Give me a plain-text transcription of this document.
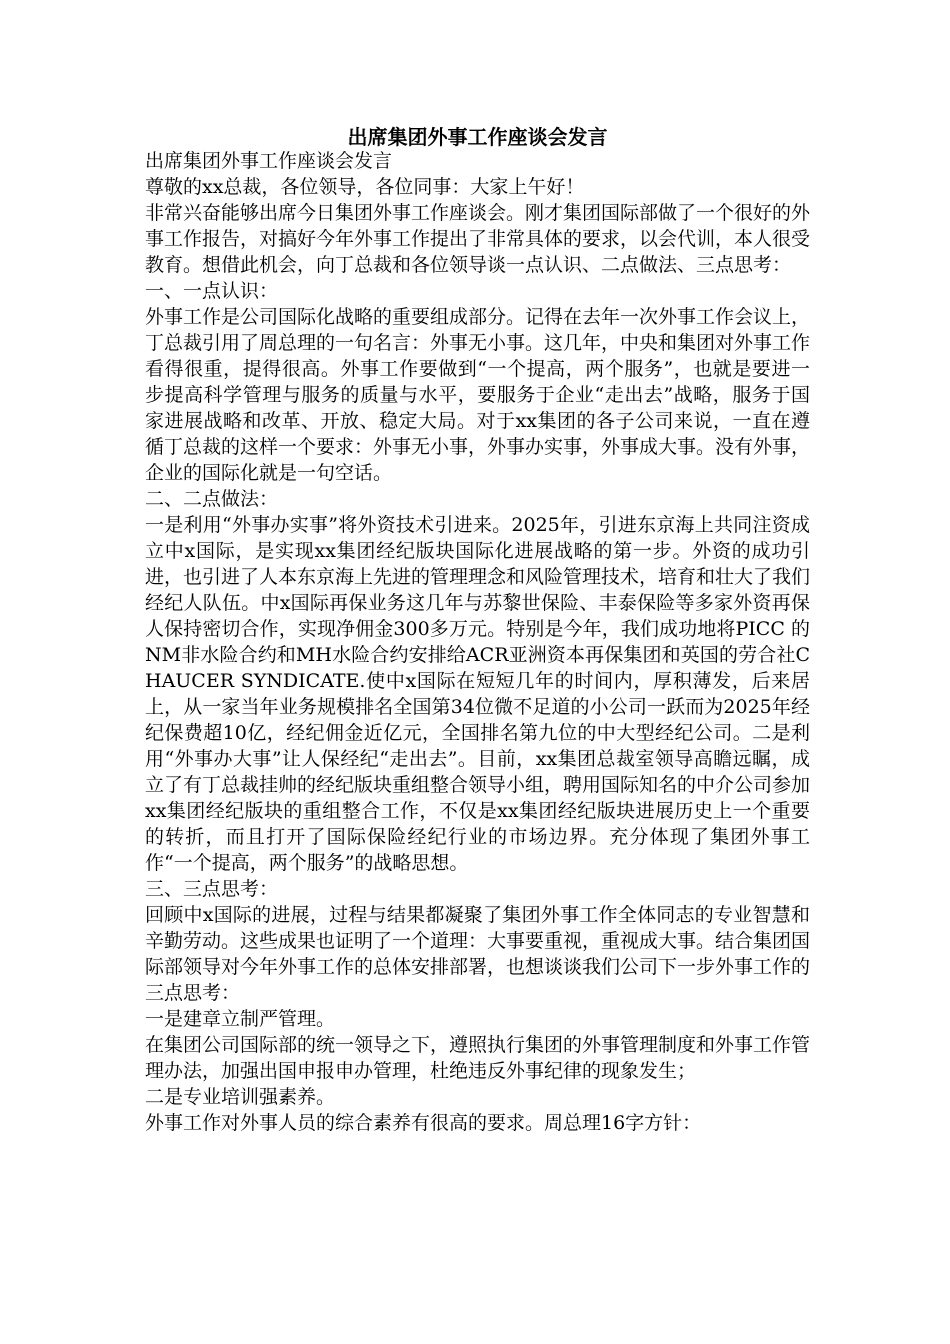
出席集团外事工作座谈会发言

出席集团外事工作座谈会发言

尊敬的xx总裁，各位领导，各位同事：大家上午好！

非常兴奋能够出席今日集团外事工作座谈会。刚才集团国际部做了一个很好的外事工作报告，对搞好今年外事工作提出了非常具体的要求，以会代训，本人很受教育。想借此机会，向丁总裁和各位领导谈一点认识、二点做法、三点思考：

一、一点认识：

外事工作是公司国际化战略的重要组成部分。记得在去年一次外事工作会议上，丁总裁引用了周总理的一句名言：外事无小事。这几年，中央和集团对外事工作看得很重，提得很高。外事工作要做到“一个提高，两个服务”，也就是要进一步提高科学管理与服务的质量与水平，要服务于企业“走出去”战略，服务于国家进展战略和改革、开放、稳定大局。对于xx集团的各子公司来说，一直在遵循丁总裁的这样一个要求：外事无小事，外事办实事，外事成大事。没有外事，企业的国际化就是一句空话。

二、二点做法：

一是利用“外事办实事”将外资技术引进来。2025年，引进东京海上共同注资成立中x国际，是实现xx集团经纪版块国际化进展战略的第一步。外资的成功引进，也引进了人本东京海上先进的管理理念和风险管理技术，培育和壮大了我们经纪人队伍。中x国际再保业务这几年与苏黎世保险、丰泰保险等多家外资再保人保持密切合作，实现净佣金300多万元。特别是今年，我们成功地将PICC 的NM非水险合约和MH水险合约安排给ACR亚洲资本再保集团和英国的劳合社CHAUCER SYNDICATE.使中x国际在短短几年的时间内，厚积薄发，后来居上，从一家当年业务规模排名全国第34位微不足道的小公司一跃而为2025年经纪保费超10亿，经纪佣金近亿元，全国排名第九位的中大型经纪公司。二是利用“外事办大事”让人保经纪“走出去”。目前，xx集团总裁室领导高瞻远瞩，成立了有丁总裁挂帅的经纪版块重组整合领导小组，聘用国际知名的中介公司参加xx集团经纪版块的重组整合工作，不仅是xx集团经纪版块进展历史上一个重要的转折，而且打开了国际保险经纪行业的市场边界。充分体现了集团外事工作“一个提高，两个服务”的战略思想。

三、三点思考：

回顾中x国际的进展，过程与结果都凝聚了集团外事工作全体同志的专业智慧和辛勤劳动。这些成果也证明了一个道理：大事要重视，重视成大事。结合集团国际部领导对今年外事工作的总体安排部署，也想谈谈我们公司下一步外事工作的三点思考：

一是建章立制严管理。

在集团公司国际部的统一领导之下，遵照执行集团的外事管理制度和外事工作管理办法，加强出国申报申办管理，杜绝违反外事纪律的现象发生；

二是专业培训强素养。

外事工作对外事人员的综合素养有很高的要求。周总理16字方针：
